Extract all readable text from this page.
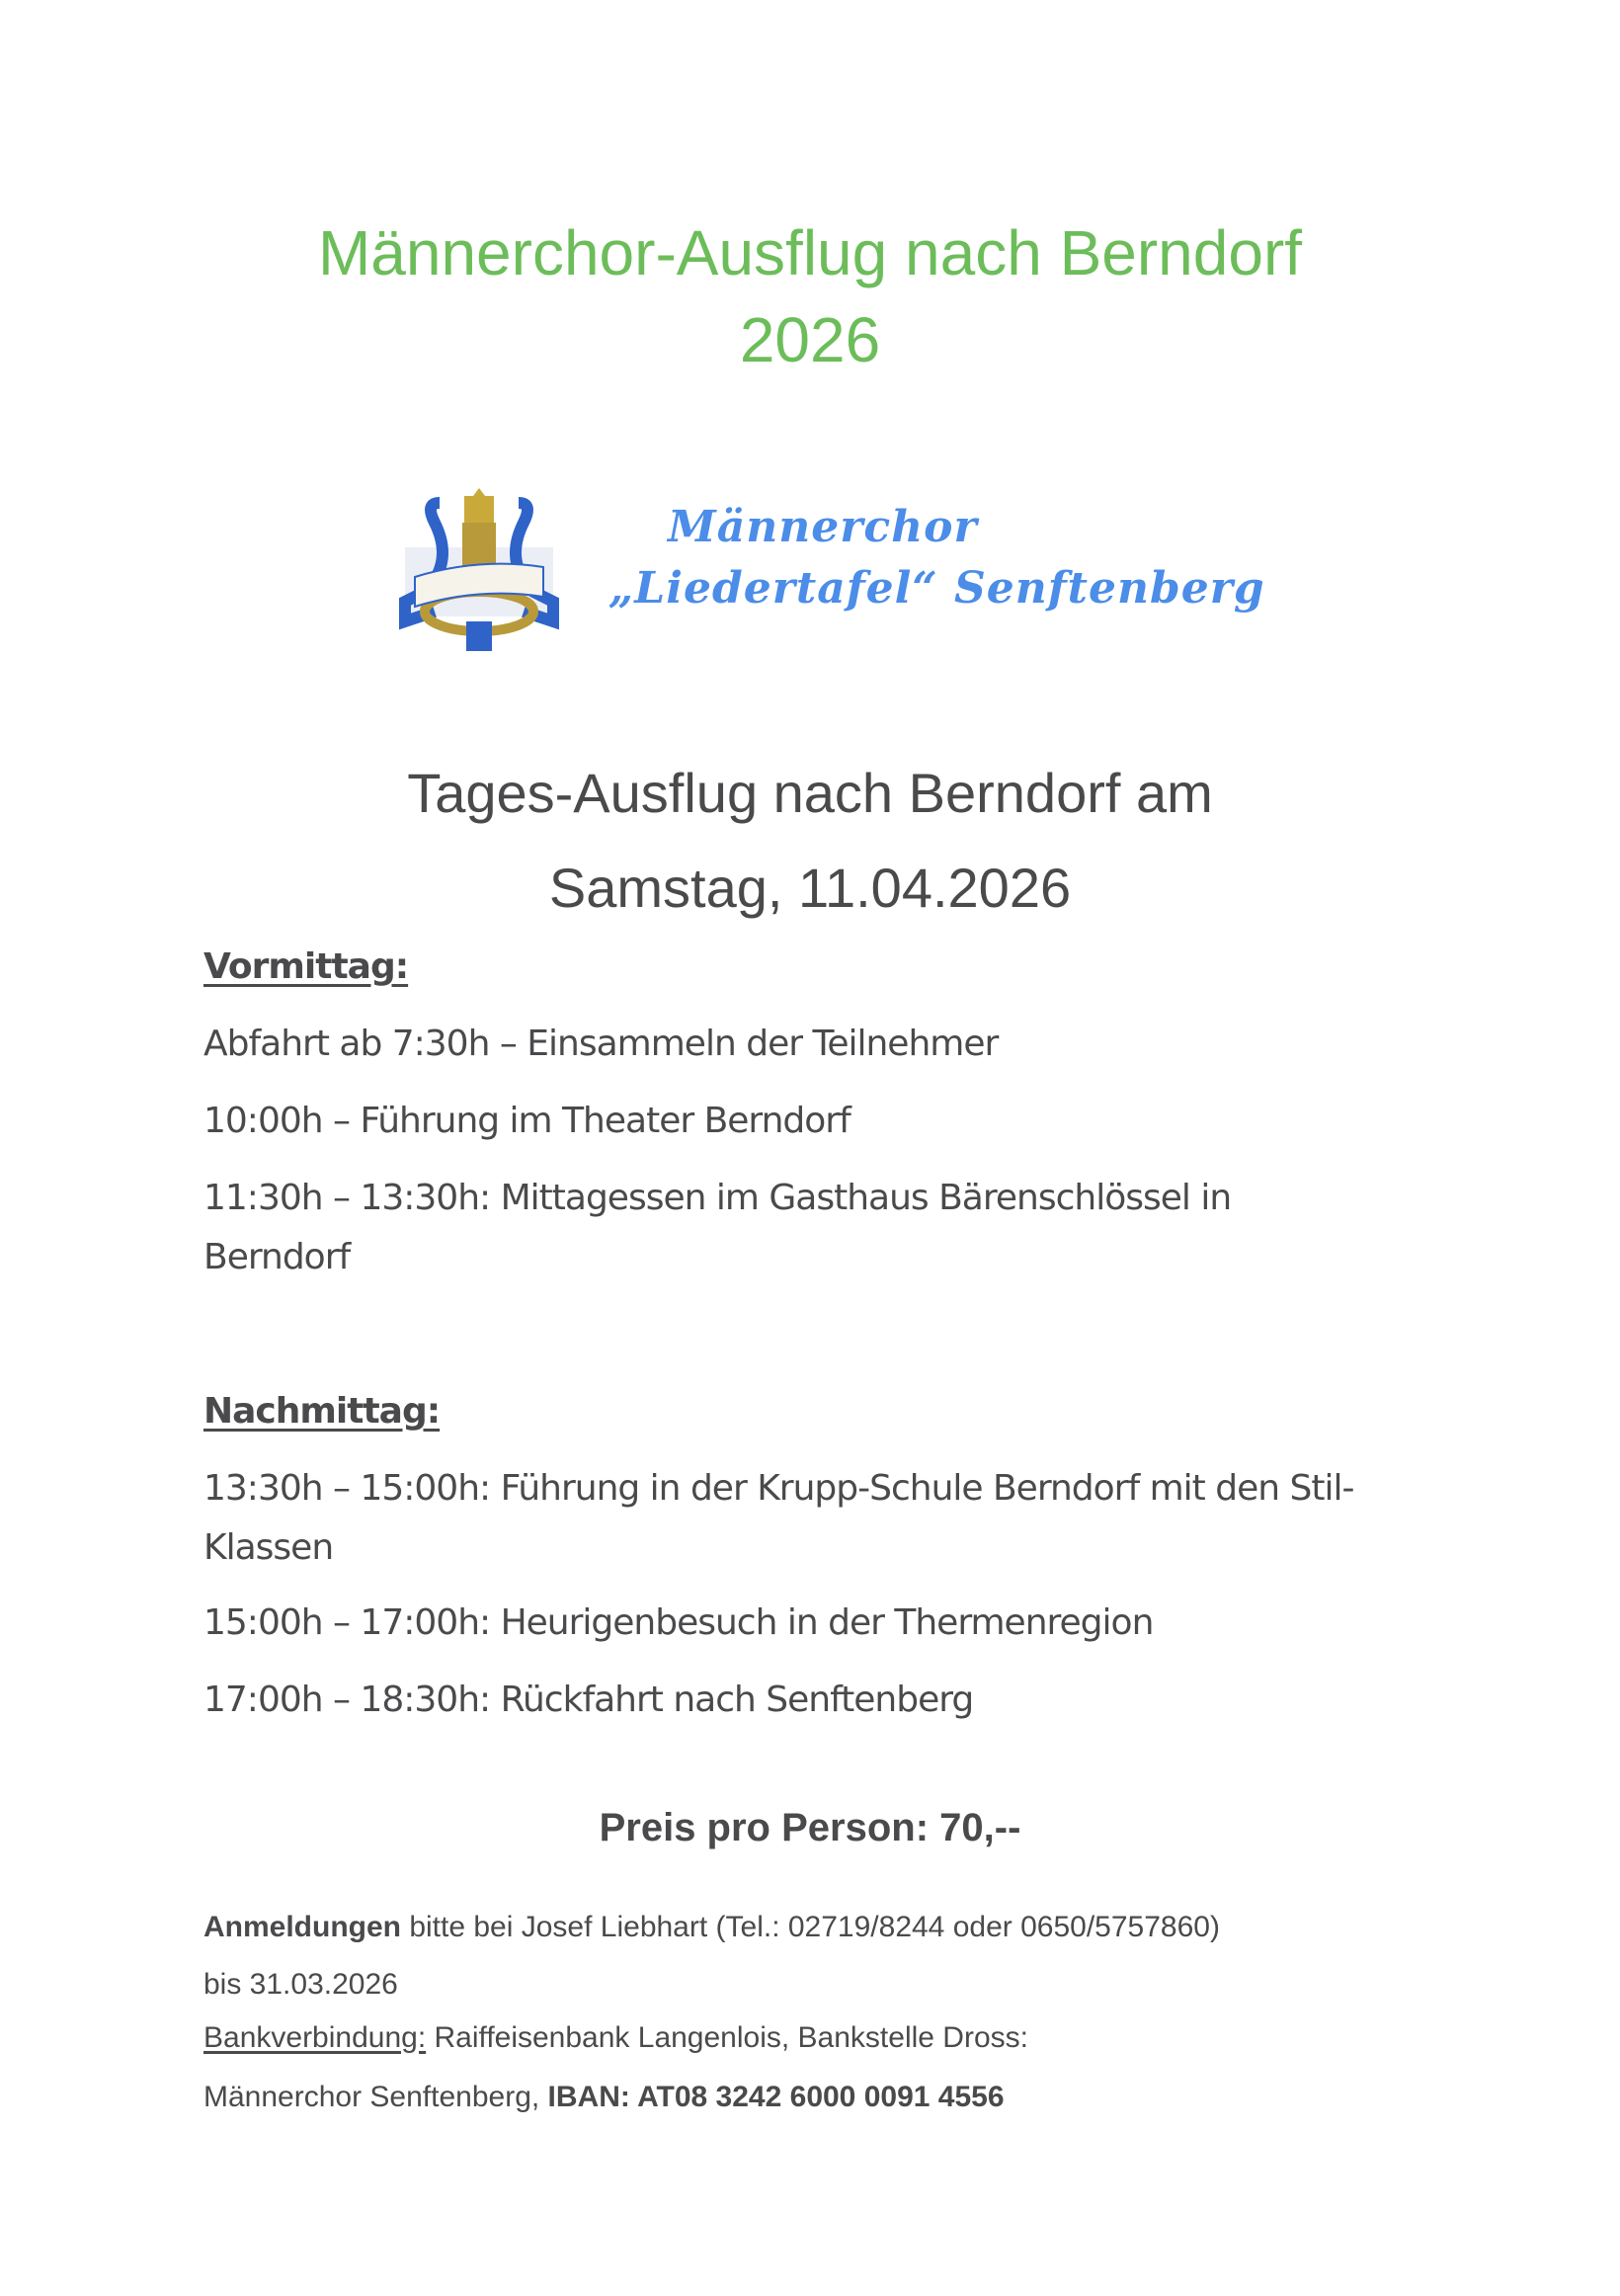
Männerchor-Ausflug nach Berndorf
2026
Männerchor
„Liedertafel“ Senftenberg
Tages-Ausflug nach Berndorf am
Samstag, 11.04.2026
Vormittag:
Abfahrt ab 7:30h – Einsammeln der Teilnehmer
10:00h – Führung im Theater Berndorf
11:30h – 13:30h: Mittagessen im Gasthaus Bärenschlössel in
Berndorf
Nachmittag:
13:30h – 15:00h: Führung in der Krupp-Schule Berndorf mit den Stil-
Klassen
15:00h – 17:00h: Heurigenbesuch in der Thermenregion
17:00h – 18:30h: Rückfahrt nach Senftenberg
Preis pro Person: 70,--
Anmeldungen bitte bei Josef Liebhart (Tel.: 02719/8244 oder 0650/5757860)
bis 31.03.2026
Bankverbindung: Raiffeisenbank Langenlois, Bankstelle Dross:
Männerchor Senftenberg, IBAN: AT08 3242 6000 0091 4556
